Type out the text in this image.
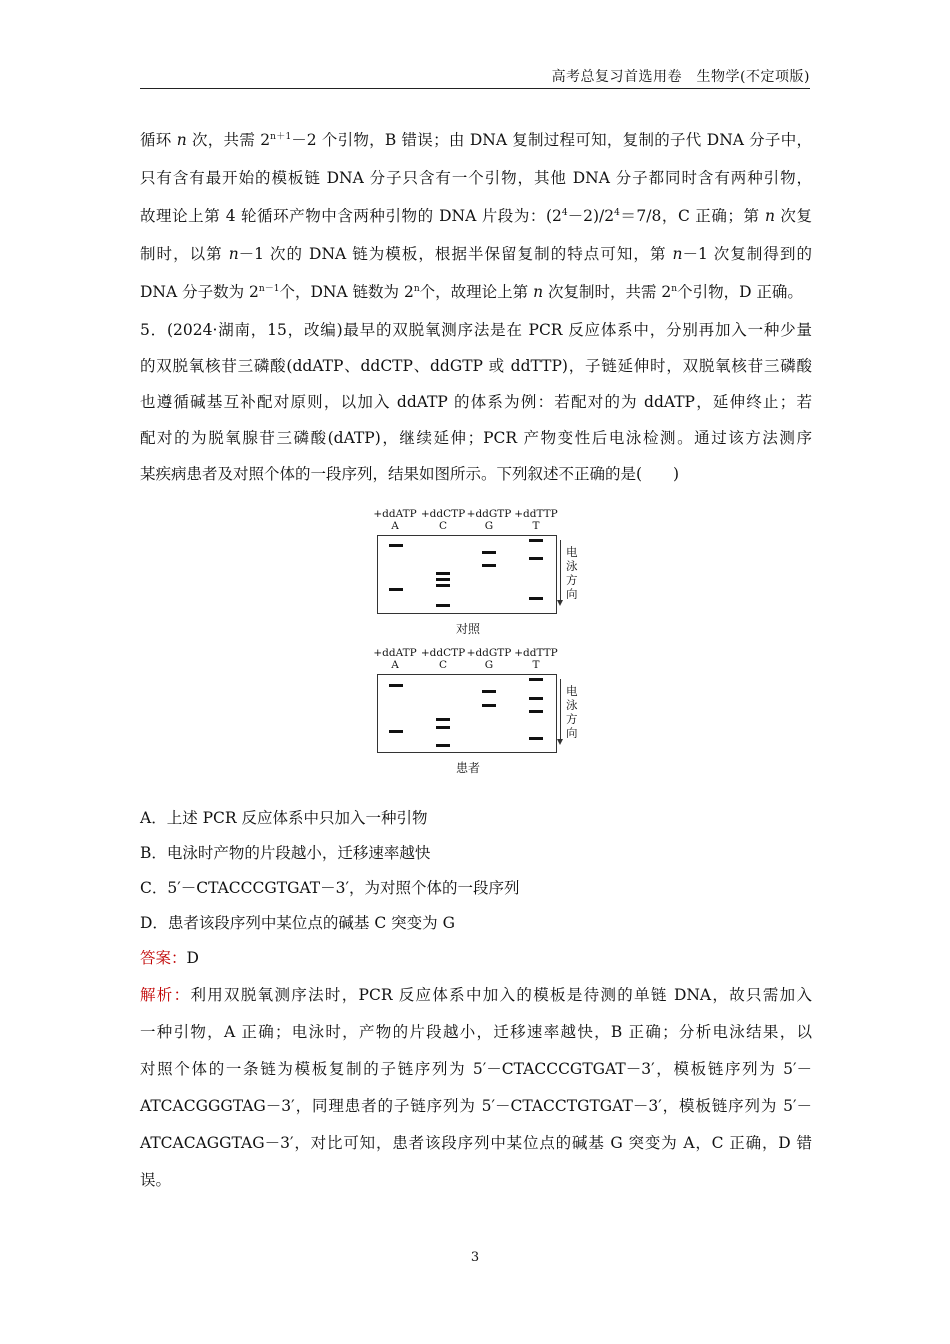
高考总复习首选用卷　生物学(不定项版)
循环 n 次，共需 $2^{n+1}-2$ 个引物，B 错误；由 DNA 复制过程可知，复制的子代 DNA 分子中，
只有含有最开始的模板链 DNA 分子只含有一个引物，其他 DNA 分子都同时含有两种引物，
故理论上第 4 轮循环产物中含两种引物的 DNA 片段为：$(2^4-2)/2^4=7/8$，C 正确；第 n 次复
制时，以第 n－1 次的 DNA 链为模板，根据半保留复制的特点可知，第 n－1 次复制得到的
DNA 分子数为 $2^{n-1}$个，DNA 链数为 2$^n$个，故理论上第 n 次复制时，共需 2$^n$个引物，D 正确。
5．(2024·湖南，15，改编)最早的双脱氧测序法是在 PCR 反应体系中，分别再加入一种少量
的双脱氧核苷三磷酸(ddATP、ddCTP、ddGTP 或 ddTTP)，子链延伸时，双脱氧核苷三磷酸
也遵循碱基互补配对原则，以加入 ddATP 的体系为例：若配对的为 ddATP，延伸终止；若
配对的为脱氧腺苷三磷酸(dATP)，继续延伸；PCR 产物变性后电泳检测。通过该方法测序
某疾病患者及对照个体的一段序列，结果如图所示。下列叙述不正确的是(　　)
+ddATP
A
+ddCTP
C
+ddGTP
G
+ddTTP
T
电
泳
方
向
对照
+ddATP
A
+ddCTP
C
+ddGTP
G
+ddTTP
T
电
泳
方
向
患者
A．上述 PCR 反应体系中只加入一种引物
B．电泳时产物的片段越小，迁移速率越快
C．5′－CTACCCGTGAT－3′，为对照个体的一段序列
D．患者该段序列中某位点的碱基 C 突变为 G
答案：D
解析：利用双脱氧测序法时，PCR 反应体系中加入的模板是待测的单链 DNA，故只需加入
一种引物，A 正确；电泳时，产物的片段越小，迁移速率越快，B 正确；分析电泳结果，以
对照个体的一条链为模板复制的子链序列为 5′－CTACCCGTGAT－3′，模板链序列为 5′－
ATCACGGGTAG－3′，同理患者的子链序列为 5′－CTACCTGTGAT－3′，模板链序列为 5′－
ATCACAGGTAG－3′，对比可知，患者该段序列中某位点的碱基 G 突变为 A，C 正确，D 错
误。
3
